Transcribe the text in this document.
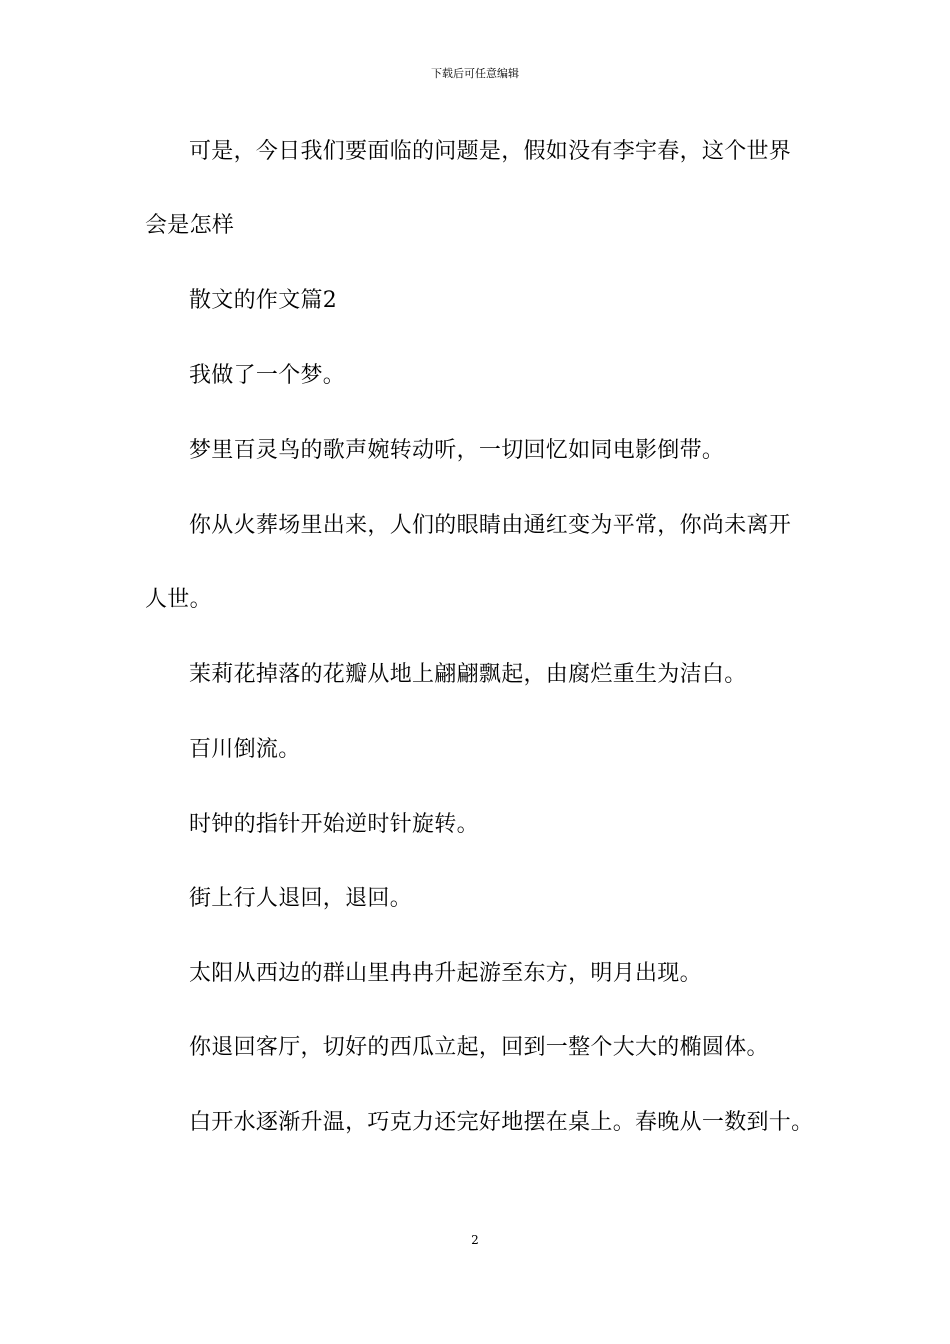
下载后可任意编辑
可是，今日我们要面临的问题是，假如没有李宇春，这个世界
会是怎样
散文的作文篇2
我做了一个梦。
梦里百灵鸟的歌声婉转动听，一切回忆如同电影倒带。
你从火葬场里出来，人们的眼睛由通红变为平常，你尚未离开
人世。
茉莉花掉落的花瓣从地上翩翩飘起，由腐烂重生为洁白。
百川倒流。
时钟的指针开始逆时针旋转。
街上行人退回，退回。
太阳从西边的群山里冉冉升起游至东方，明月出现。
你退回客厅，切好的西瓜立起，回到一整个大大的椭圆体。
白开水逐渐升温，巧克力还完好地摆在桌上。春晚从一数到十。
2
